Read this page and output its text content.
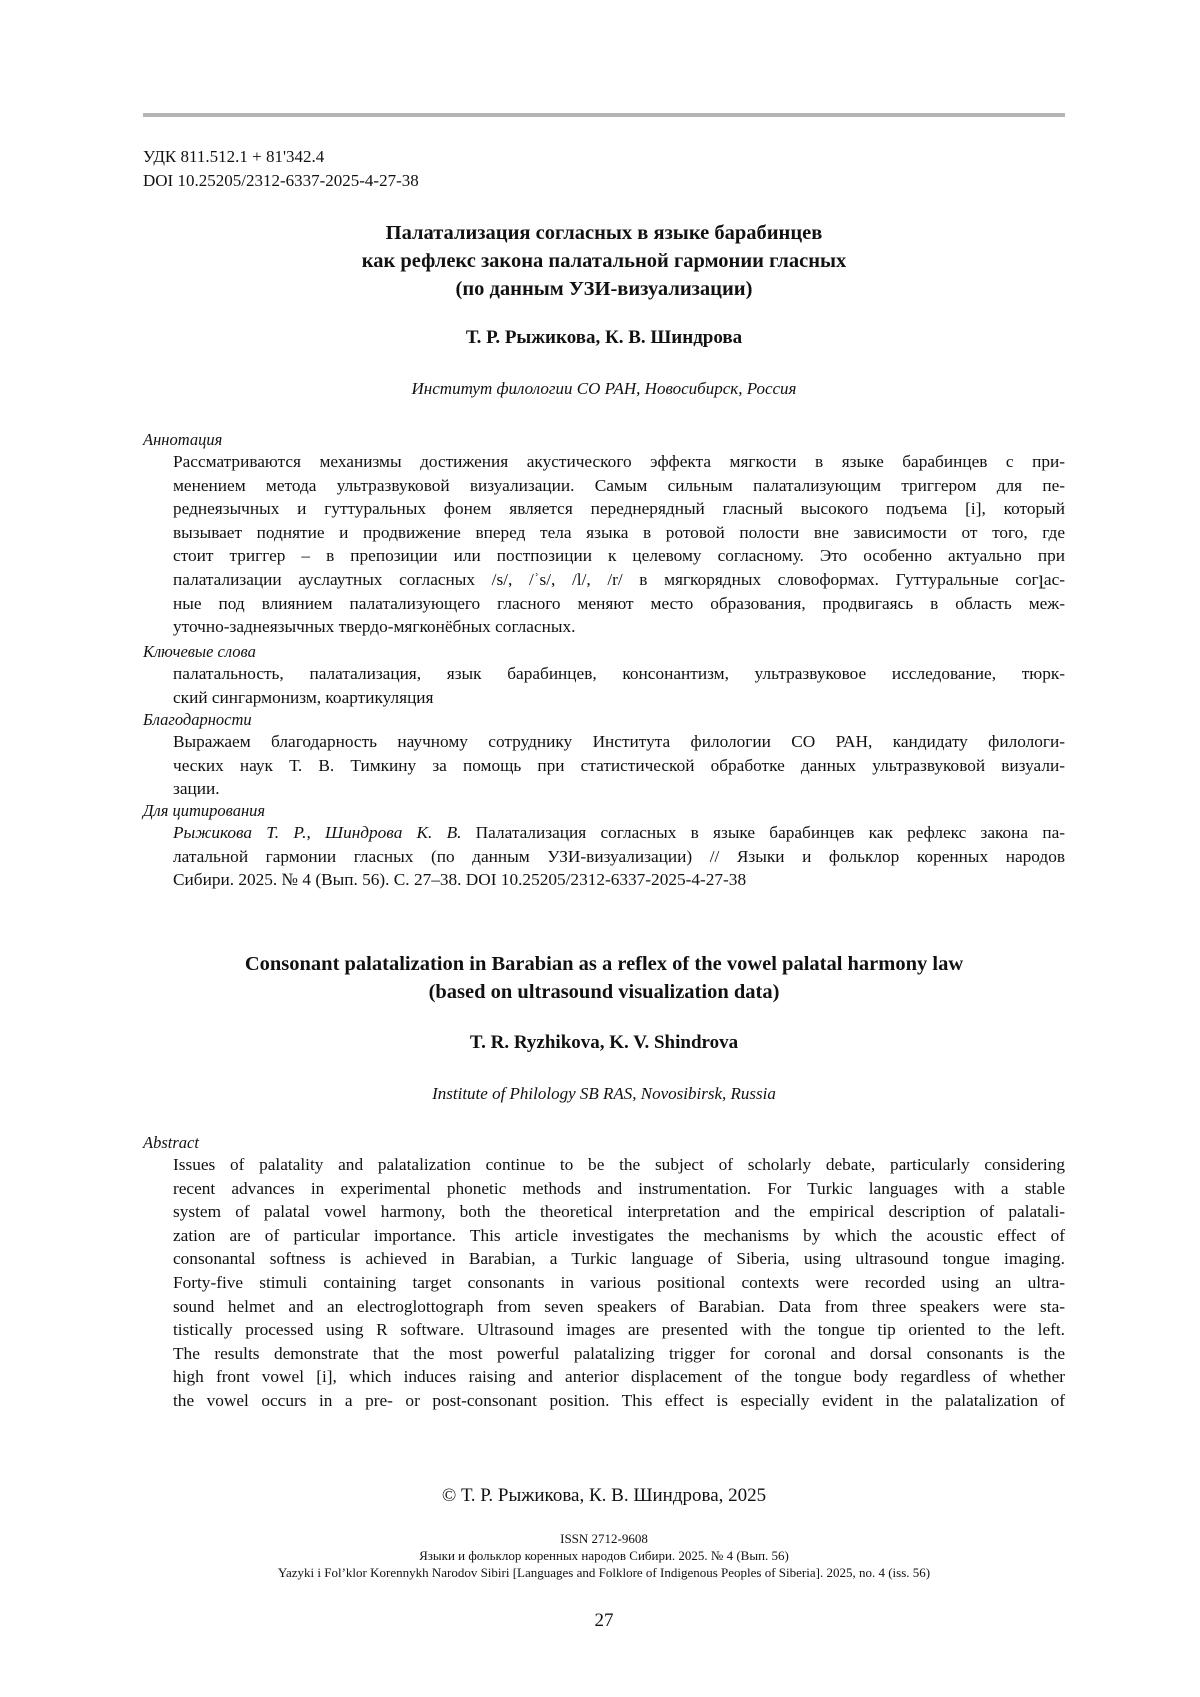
УДК 811.512.1 + 81'342.4
DOI 10.25205/2312-6337-2025-4-27-38
Палатализация согласных в языке барабинцев
как рефлекс закона палатальной гармонии гласных
(по данным УЗИ-визуализации)
Т. Р. Рыжикова, К. В. Шиндрова
Институт филологии СО РАН, Новосибирск, Россия
Аннотация
Рассматриваются механизмы достижения акустического эффекта мягкости в языке барабинцев с при-
менением метода ультразвуковой визуализации. Самым сильным палатализующим триггером для пе-
реднеязычных и гуттуральных фонем является переднерядный гласный высокого подъема [i], который
вызывает поднятие и продвижение вперед тела языка в ротовой полости вне зависимости от того, где
стоит триггер – в препозиции или постпозиции к целевому согласному. Это особенно актуально при
палатализации ауслаутных согласных /s/, /ʾs/, /l/, /r/ в мягкорядных словоформах. Гуттуральные согլас-
ные под влиянием палатализующего гласного меняют место образования, продвигаясь в область меж-
уточно-заднеязычных твердо-мягконёбных согласных.
Ключевые слова
палатальность, палатализация, язык барабинцев, консонантизм, ультразвуковое исследование, тюрк-
ский сингармонизм, коартикуляция
Благодарности
Выражаем благодарность научному сотруднику Института филологии СО РАН, кандидату филологи-
ческих наук Т. В. Тимкину за помощь при статистической обработке данных ультразвуковой визуали-
зации.
Для цитирования
Рыжикова Т. Р., Шиндрова К. В. Палатализация согласных в языке барабинцев как рефлекс закона па-
латальной гармонии гласных (по данным УЗИ-визуализации) // Языки и фольклор коренных народов
Сибири. 2025. № 4 (Вып. 56). С. 27–38. DOI 10.25205/2312-6337-2025-4-27-38
Consonant palatalization in Barabian as a reflex of the vowel palatal harmony law
(based on ultrasound visualization data)
T. R. Ryzhikova, K. V. Shindrova
Institute of Philology SB RAS, Novosibirsk, Russia
Abstract
Issues of palatality and palatalization continue to be the subject of scholarly debate, particularly considering
recent advances in experimental phonetic methods and instrumentation. For Turkic languages with a stable
system of palatal vowel harmony, both the theoretical interpretation and the empirical description of palatali-
zation are of particular importance. This article investigates the mechanisms by which the acoustic effect of
consonantal softness is achieved in Barabian, a Turkic language of Siberia, using ultrasound tongue imaging.
Forty-five stimuli containing target consonants in various positional contexts were recorded using an ultra-
sound helmet and an electroglottograph from seven speakers of Barabian. Data from three speakers were sta-
tistically processed using R software. Ultrasound images are presented with the tongue tip oriented to the left.
The results demonstrate that the most powerful palatalizing trigger for coronal and dorsal consonants is the
high front vowel [i], which induces raising and anterior displacement of the tongue body regardless of whether
the vowel occurs in a pre- or post-consonant position. This effect is especially evident in the palatalization of
© Т. Р. Рыжикова, К. В. Шиндрова, 2025
ISSN 2712-9608
Языки и фольклор коренных народов Сибири. 2025. № 4 (Вып. 56)
Yazyki i Fol’klor Korennykh Narodov Sibiri [Languages and Folklore of Indigenous Peoples of Siberia]. 2025, no. 4 (iss. 56)
27
